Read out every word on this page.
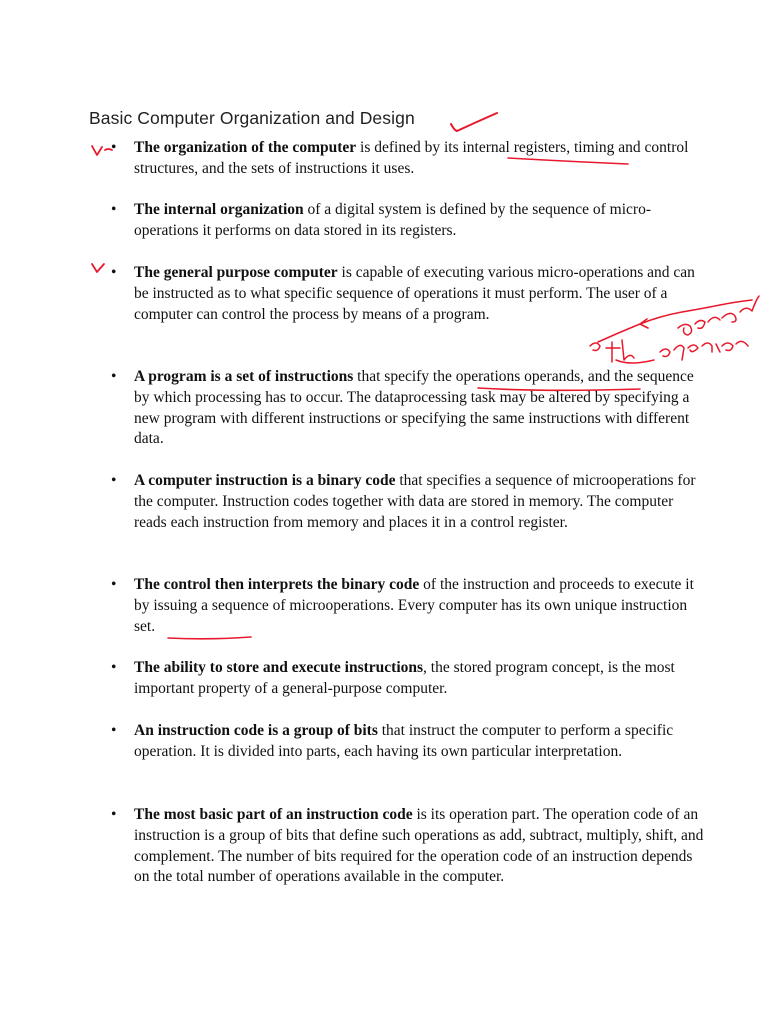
Basic Computer Organization and Design
• The organization of the computer is defined by its internal registers, timing and control structures, and the sets of instructions it uses.
• The internal organization of a digital system is defined by the sequence of micro-operations it performs on data stored in its registers.
• The general purpose computer is capable of executing various micro-operations and can be instructed as to what specific sequence of operations it must perform. The user of a computer can control the process by means of a program.
• A program is a set of instructions that specify the operations operands, and the sequence by which processing has to occur. The dataprocessing task may be altered by specifying a new program with different instructions or specifying the same instructions with different data.
• A computer instruction is a binary code that specifies a sequence of microoperations for the computer. Instruction codes together with data are stored in memory. The computer reads each instruction from memory and places it in a control register.
• The control then interprets the binary code of the instruction and proceeds to execute it by issuing a sequence of microoperations. Every computer has its own unique instruction set.
• The ability to store and execute instructions, the stored program concept, is the most important property of a general-purpose computer.
• An instruction code is a group of bits that instruct the computer to perform a specific operation. It is divided into parts, each having its own particular interpretation.
• The most basic part of an instruction code is its operation part. The operation code of an instruction is a group of bits that define such operations as add, subtract, multiply, shift, and complement. The number of bits required for the operation code of an instruction depends on the total number of operations available in the computer.
